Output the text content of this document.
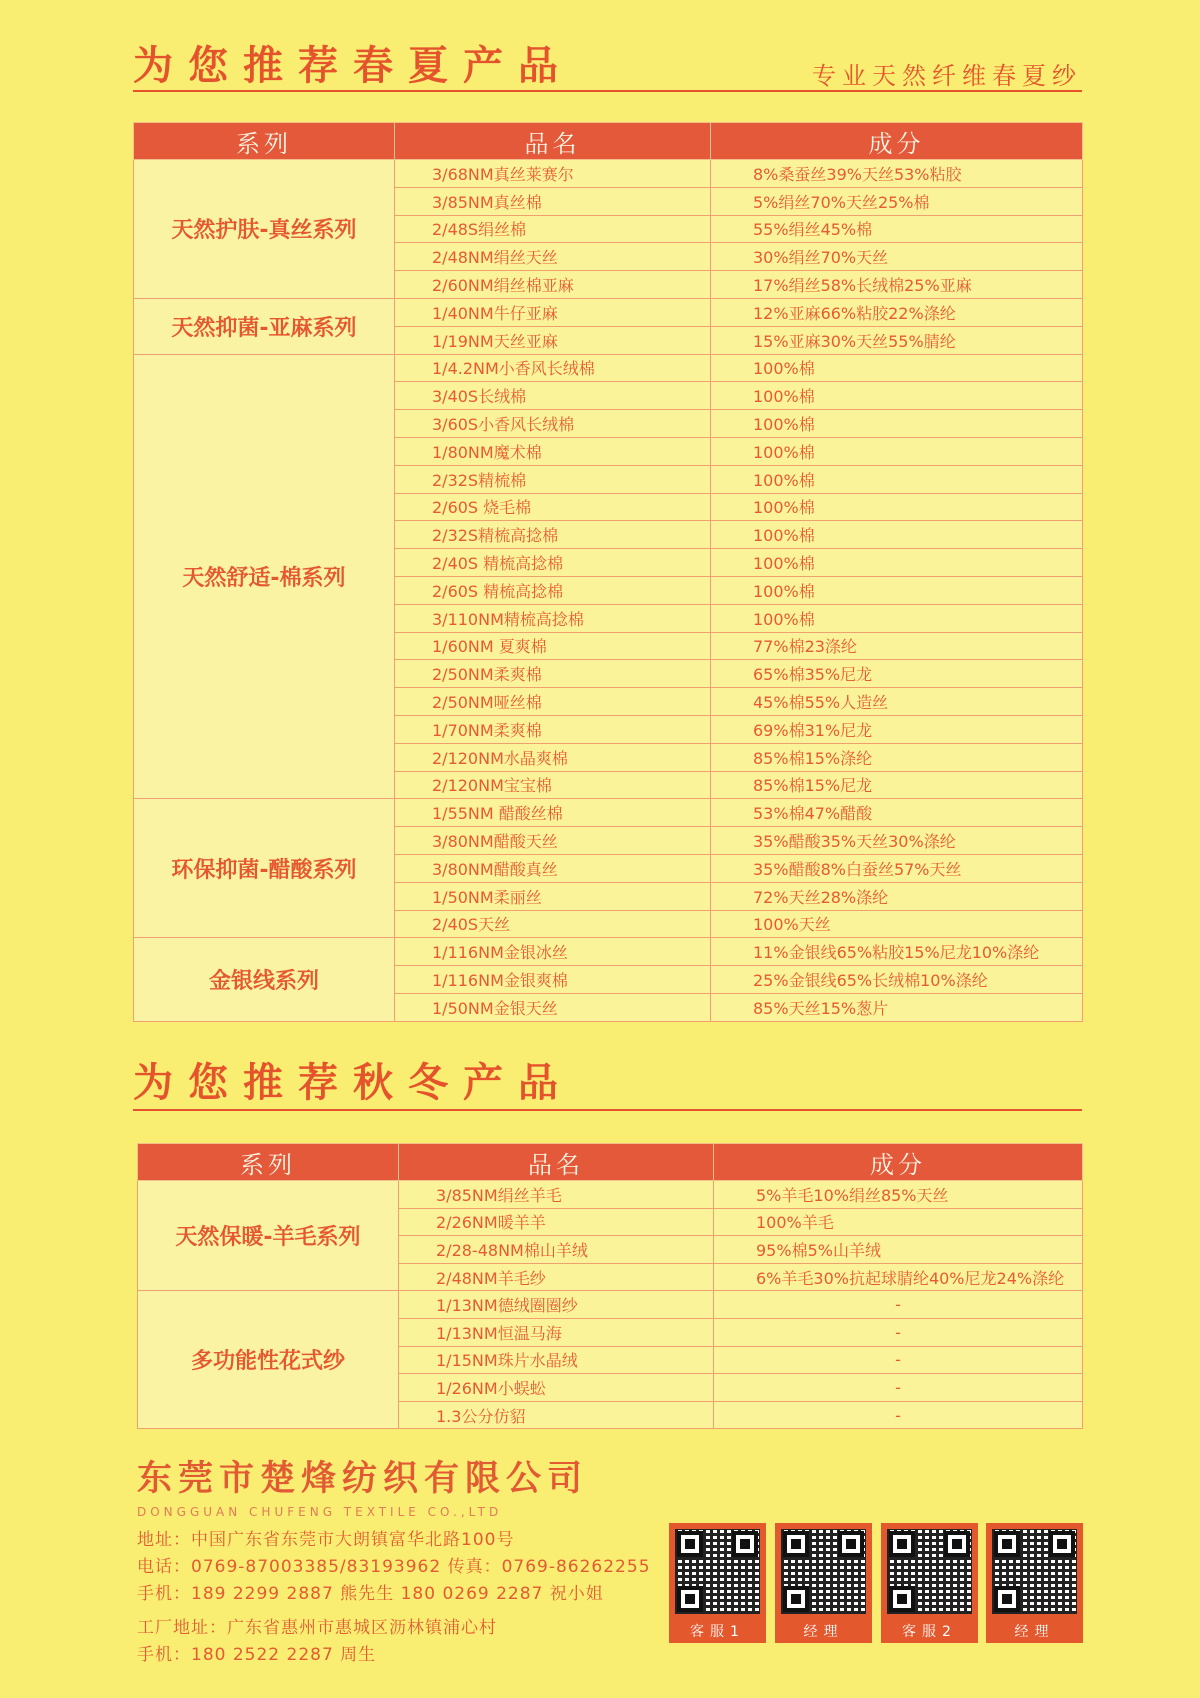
为您推荐春夏产品	专业天然纤维春夏纱
系列	品名	成分
天然护肤-真丝系列	3/68NM真丝莱赛尔	8%桑蚕丝39%天丝53%粘胶
	3/85NM真丝棉	5%绢丝70%天丝25%棉
	2/48S绢丝棉	55%绢丝45%棉
	2/48NM绢丝天丝	30%绢丝70%天丝
	2/60NM绢丝棉亚麻	17%绢丝58%长绒棉25%亚麻
天然抑菌-亚麻系列	1/40NM牛仔亚麻	12%亚麻66%粘胶22%涤纶
	1/19NM天丝亚麻	15%亚麻30%天丝55%腈纶
天然舒适-棉系列	1/4.2NM小香风长绒棉	100%棉
	3/40S长绒棉	100%棉
	3/60S小香风长绒棉	100%棉
	1/80NM魔术棉	100%棉
	2/32S精梳棉	100%棉
	2/60S 烧毛棉	100%棉
	2/32S精梳高捻棉	100%棉
	2/40S 精梳高捻棉	100%棉
	2/60S 精梳高捻棉	100%棉
	3/110NM精梳高捻棉	100%棉
	1/60NM 夏爽棉	77%棉23涤纶
	2/50NM柔爽棉	65%棉35%尼龙
	2/50NM哑丝棉	45%棉55%人造丝
	1/70NM柔爽棉	69%棉31%尼龙
	2/120NM水晶爽棉	85%棉15%涤纶
	2/120NM宝宝棉	85%棉15%尼龙
环保抑菌-醋酸系列	1/55NM 醋酸丝棉	53%棉47%醋酸
	3/80NM醋酸天丝	35%醋酸35%天丝30%涤纶
	3/80NM醋酸真丝	35%醋酸8%白蚕丝57%天丝
	1/50NM柔丽丝	72%天丝28%涤纶
	2/40S天丝	100%天丝
金银线系列	1/116NM金银冰丝	11%金银线65%粘胶15%尼龙10%涤纶
	1/116NM金银爽棉	25%金银线65%长绒棉10%涤纶
	1/50NM金银天丝	85%天丝15%葱片
为您推荐秋冬产品
系列	品名	成分
天然保暖-羊毛系列	3/85NM绢丝羊毛	5%羊毛10%绢丝85%天丝
	2/26NM暖羊羊	100%羊毛
	2/28-48NM棉山羊绒	95%棉5%山羊绒
	2/48NM羊毛纱	6%羊毛30%抗起球腈纶40%尼龙24%涤纶
多功能性花式纱	1/13NM德绒圈圈纱	-
	1/13NM恒温马海	-
	1/15NM珠片水晶绒	-
	1/26NM小蜈蚣	-
	1.3公分仿貂	-
东莞市楚烽纺织有限公司
DONGGUAN CHUFENG TEXTILE CO.,LTD
地址：中国广东省东莞市大朗镇富华北路100号
电话：0769-87003385/83193962 传真：0769-86262255
手机：189 2299 2887 熊先生 180 0269 2287 祝小姐
工厂地址：广东省惠州市惠城区沥林镇浦心村
手机：180 2522 2287 周生
客服1	经理	客服2	经理
